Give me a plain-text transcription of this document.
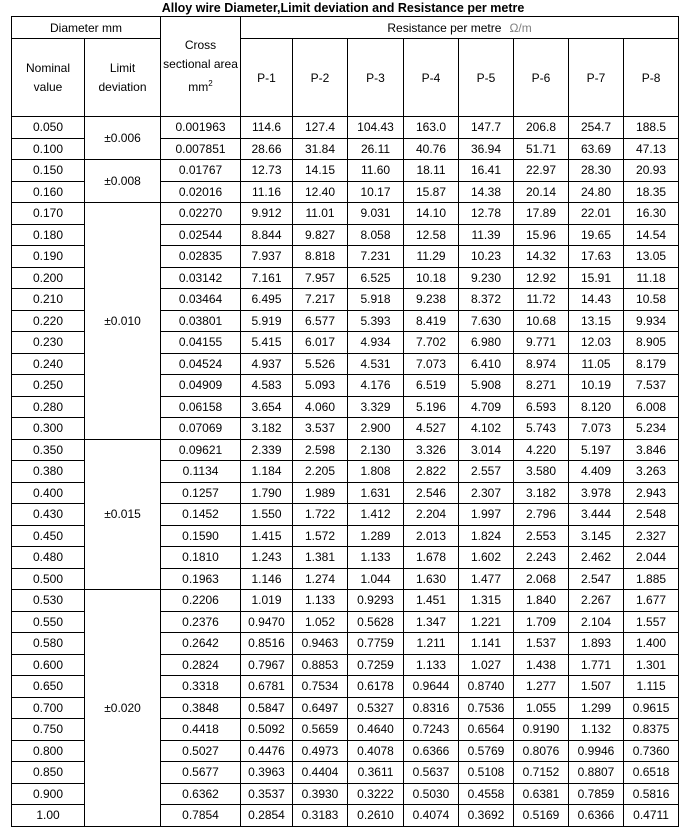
Alloy wire Diameter,Limit deviation and Resistance per metre
Diameter mm		Cross sectional area $mm^2$	Resistance per metre Ω/m							
Nominal value	Limit deviation		P-1	P-2	P-3	P-4	P-5	P-6	P-7	P-8
0.050	±0.006	0.001963	114.6	127.4	104.43	163.0	147.7	206.8	254.7	188.5
0.100		0.007851	28.66	31.84	26.11	40.76	36.94	51.71	63.69	47.13
0.150	±0.008	0.01767	12.73	14.15	11.60	18.11	16.41	22.97	28.30	20.93
0.160		0.02016	11.16	12.40	10.17	15.87	14.38	20.14	24.80	18.35
0.170	±0.010	0.02270	9.912	11.01	9.031	14.10	12.78	17.89	22.01	16.30
0.180		0.02544	8.844	9.827	8.058	12.58	11.39	15.96	19.65	14.54
0.190		0.02835	7.937	8.818	7.231	11.29	10.23	14.32	17.63	13.05
0.200		0.03142	7.161	7.957	6.525	10.18	9.230	12.92	15.91	11.18
0.210		0.03464	6.495	7.217	5.918	9.238	8.372	11.72	14.43	10.58
0.220		0.03801	5.919	6.577	5.393	8.419	7.630	10.68	13.15	9.934
0.230		0.04155	5.415	6.017	4.934	7.702	6.980	9.771	12.03	8.905
0.240		0.04524	4.937	5.526	4.531	7.073	6.410	8.974	11.05	8.179
0.250		0.04909	4.583	5.093	4.176	6.519	5.908	8.271	10.19	7.537
0.280		0.06158	3.654	4.060	3.329	5.196	4.709	6.593	8.120	6.008
0.300		0.07069	3.182	3.537	2.900	4.527	4.102	5.743	7.073	5.234
0.350	±0.015	0.09621	2.339	2.598	2.130	3.326	3.014	4.220	5.197	3.846
0.380		0.1134	1.184	2.205	1.808	2.822	2.557	3.580	4.409	3.263
0.400		0.1257	1.790	1.989	1.631	2.546	2.307	3.182	3.978	2.943
0.430		0.1452	1.550	1.722	1.412	2.204	1.997	2.796	3.444	2.548
0.450		0.1590	1.415	1.572	1.289	2.013	1.824	2.553	3.145	2.327
0.480		0.1810	1.243	1.381	1.133	1.678	1.602	2.243	2.462	2.044
0.500		0.1963	1.146	1.274	1.044	1.630	1.477	2.068	2.547	1.885
0.530	±0.020	0.2206	1.019	1.133	0.9293	1.451	1.315	1.840	2.267	1.677
0.550		0.2376	0.9470	1.052	0.5628	1.347	1.221	1.709	2.104	1.557
0.580		0.2642	0.8516	0.9463	0.7759	1.211	1.141	1.537	1.893	1.400
0.600		0.2824	0.7967	0.8853	0.7259	1.133	1.027	1.438	1.771	1.301
0.650		0.3318	0.6781	0.7534	0.6178	0.9644	0.8740	1.277	1.507	1.115
0.700		0.3848	0.5847	0.6497	0.5327	0.8316	0.7536	1.055	1.299	0.9615
0.750		0.4418	0.5092	0.5659	0.4640	0.7243	0.6564	0.9190	1.132	0.8375
0.800		0.5027	0.4476	0.4973	0.4078	0.6366	0.5769	0.8076	0.9946	0.7360
0.850		0.5677	0.3963	0.4404	0.3611	0.5637	0.5108	0.7152	0.8807	0.6518
0.900		0.6362	0.3537	0.3930	0.3222	0.5030	0.4558	0.6381	0.7859	0.5816
1.00		0.7854	0.2854	0.3183	0.2610	0.4074	0.3692	0.5169	0.6366	0.4711
